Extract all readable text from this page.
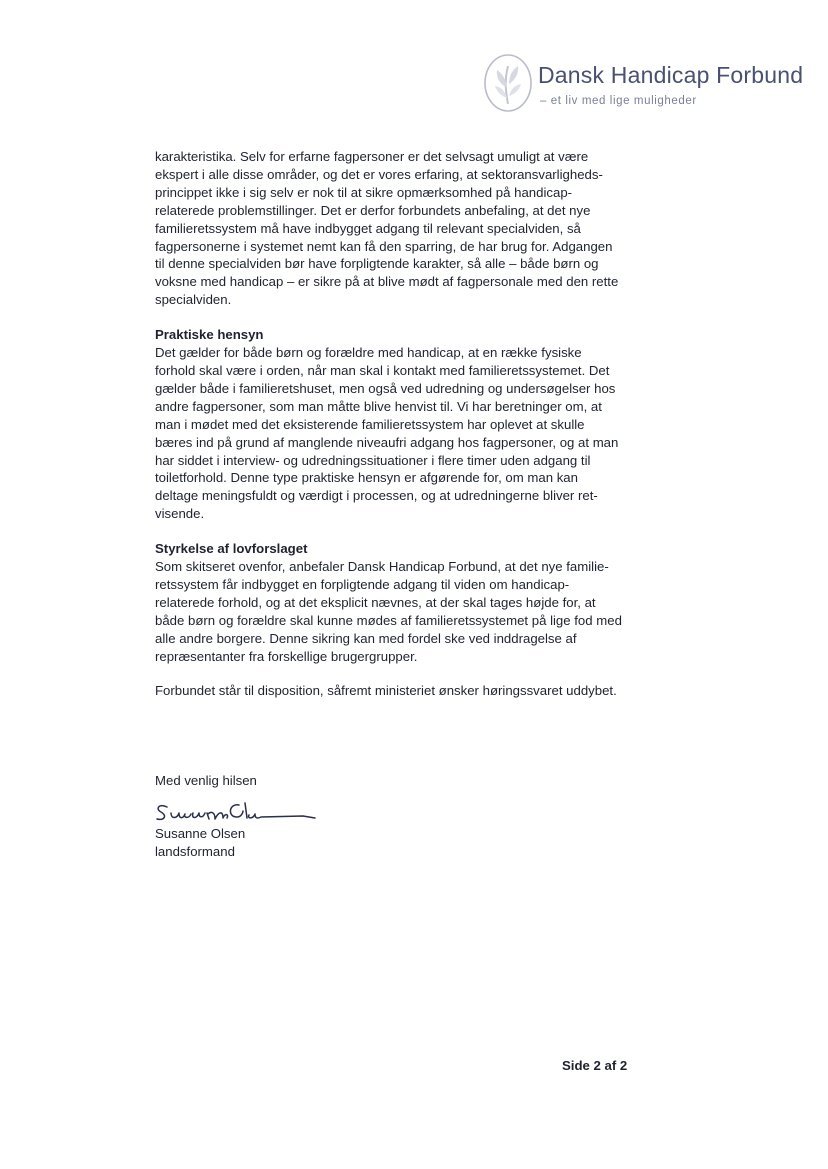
Dansk Handicap Forbund
– et liv med lige muligheder
karakteristika. Selv for erfarne fagpersoner er det selvsagt umuligt at være
ekspert i alle disse områder, og det er vores erfaring, at sektoransvarligheds-
princippet ikke i sig selv er nok til at sikre opmærksomhed på handicap-
relaterede problemstillinger. Det er derfor forbundets anbefaling, at det nye
familieretssystem må have indbygget adgang til relevant specialviden, så
fagpersonerne i systemet nemt kan få den sparring, de har brug for. Adgangen
til denne specialviden bør have forpligtende karakter, så alle – både børn og
voksne med handicap – er sikre på at blive mødt af fagpersonale med den rette
specialviden.
Praktiske hensyn
Det gælder for både børn og forældre med handicap, at en række fysiske
forhold skal være i orden, når man skal i kontakt med familieretssystemet. Det
gælder både i familieretshuset, men også ved udredning og undersøgelser hos
andre fagpersoner, som man måtte blive henvist til. Vi har beretninger om, at
man i mødet med det eksisterende familieretssystem har oplevet at skulle
bæres ind på grund af manglende niveaufri adgang hos fagpersoner, og at man
har siddet i interview- og udredningssituationer i flere timer uden adgang til
toiletforhold. Denne type praktiske hensyn er afgørende for, om man kan
deltage meningsfuldt og værdigt i processen, og at udredningerne bliver ret-
visende.
Styrkelse af lovforslaget
Som skitseret ovenfor, anbefaler Dansk Handicap Forbund, at det nye familie-
retssystem får indbygget en forpligtende adgang til viden om handicap-
relaterede forhold, og at det eksplicit nævnes, at der skal tages højde for, at
både børn og forældre skal kunne mødes af familieretssystemet på lige fod med
alle andre borgere. Denne sikring kan med fordel ske ved inddragelse af
repræsentanter fra forskellige brugergrupper.
Forbundet står til disposition, såfremt ministeriet ønsker høringssvaret uddybet.
Med venlig hilsen
Susanne Olsen
landsformand
Side 2 af 2
